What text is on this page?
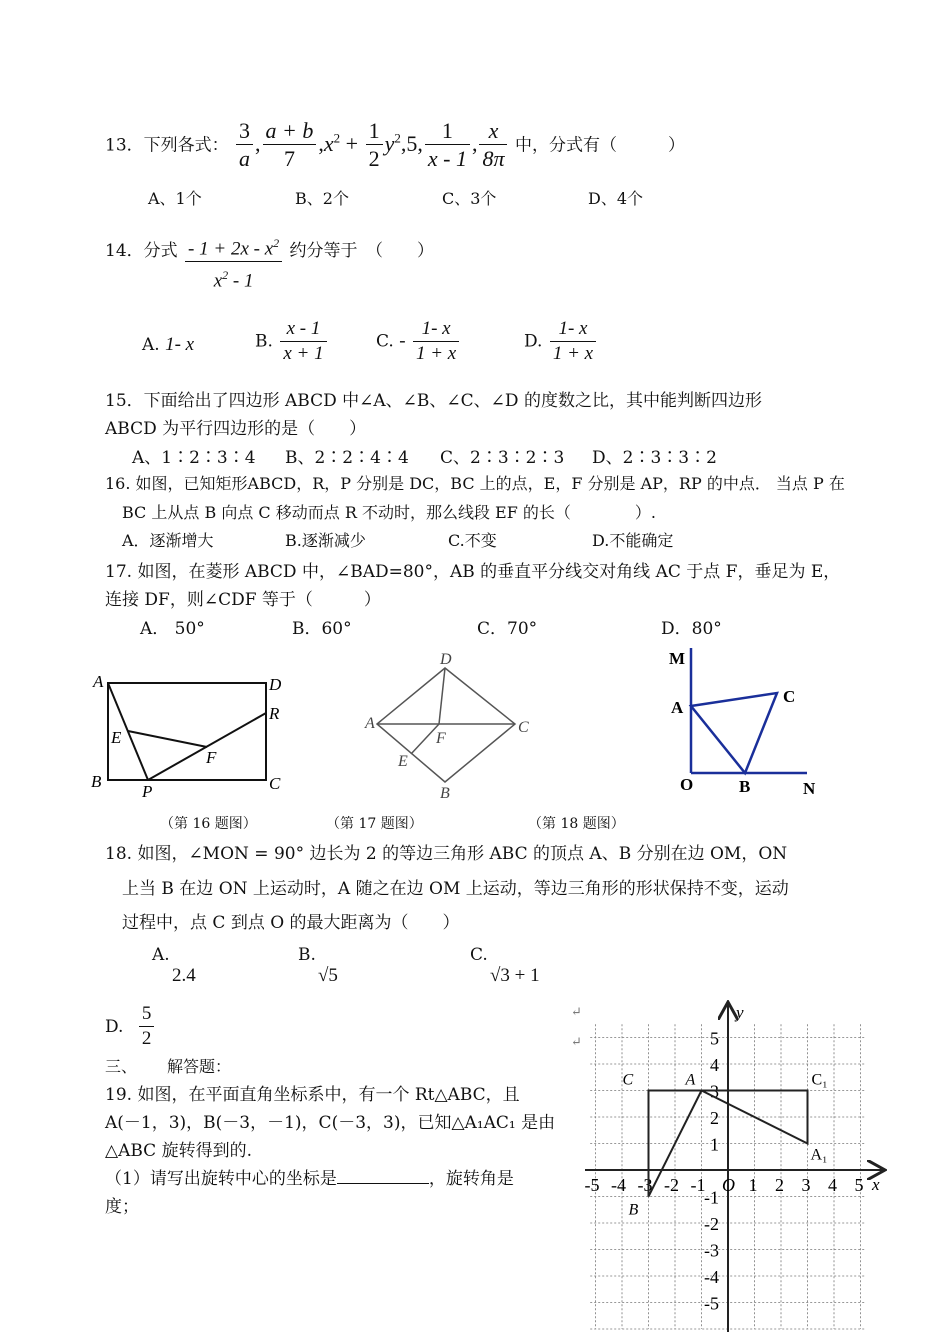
13．下列各式： $\frac{3}{a}$ , $\frac{a + b}{7} ,x^2 + \frac{1}{2} y^2,5$, $\frac{1}{x - 1}$ , $\frac{x}{8\pi}$ 中，分式有（　　　）
A、1个	B、2个	C、3个	D、4个
14．分式 $\frac{- 1 + 2x - x^2}{x^2 - 1}$ 约分等于　（　　）
A. 1- x	B. $\frac{x - 1}{x + 1}$	C. - $\frac{1- x}{1 + x}$	D. $\frac{1- x}{1 + x}$
15．下面给出了四边形 ABCD 中∠A、∠B、∠C、∠D 的度数之比，其中能判断四边形
ABCD 为平行四边形的是（　　）
A、1∶2∶3∶4 B、2∶2∶4∶4 C、2∶3∶2∶3 D、2∶3∶3∶2
16. 如图，已知矩形ABCD，R，P 分别是 DC，BC 上的点，E，F 分别是 AP，RP 的中点． 当点 P 在
BC 上从点 B 向点 C 移动而点 R 不动时，那么线段 EF 的长（　　　　）.
A．逐渐增大	B.逐渐减少	C.不变	D.不能确定
17. 如图，在菱形 ABCD 中，∠BAD=80°，AB 的垂直平分线交对角线 AC 于点 F，垂足为 E，
连接 DF，则∠CDF 等于（　　　）
A． 50°	B．60°	C．70°	D．80°
A	D
R
E
F
B
P	C
D
A
F
C
E
B
M
A
C
O	B	N
（第 16 题图）	（第 17 题图）	（第 18 题图）
18. 如图，∠MON = 90° 边长为 2 的等边三角形 ABC 的顶点 A、B 分别在边 OM，ON
上当 B 在边 ON 上运动时，A 随之在边 OM 上运动，等边三角形的形状保持不变，运动
过程中，点 C 到点 O 的最大距离为（　　）
A.
2.4
B.
√5
C.
√3 + 1
D. $\frac{5}{2}$	↵
↵
三、 解答题：
19. 如图，在平面直角坐标系中，有一个 Rt△ABC，且
A(－1，3)，B(－3，－1)，C(－3，3)，已知△A₁AC₁ 是由
△ABC 旋转得到的.
（1）请写出旋转中心的坐标是	，旋转角是
度；
x
y
-5 -4 -3 -2 -1 O 1 2 3 4 5
5
4
3
2
1
-1
-2
-3
-4
-5
C	A	C₁
A₁
B
